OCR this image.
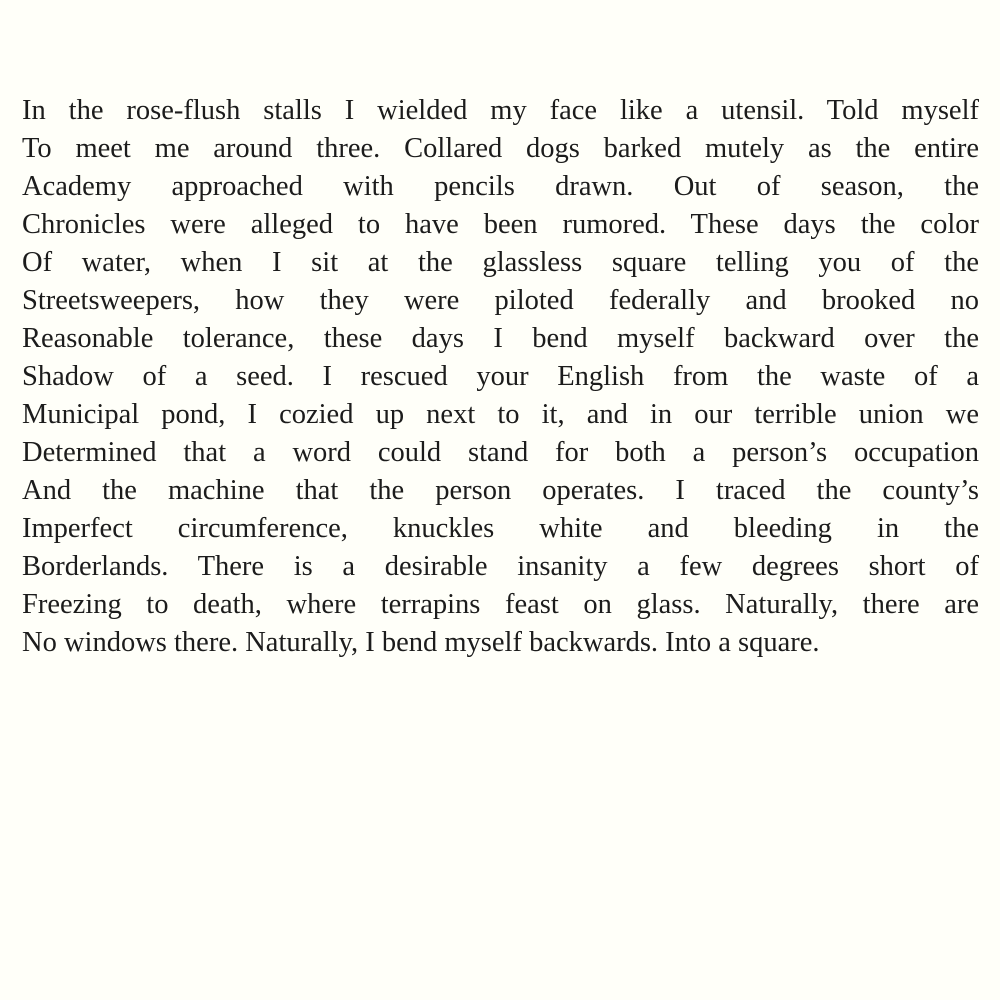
In the rose-flush stalls I wielded my face like a utensil. Told myself
To meet me around three. Collared dogs barked mutely as the entire
Academy approached with pencils drawn. Out of season, the
Chronicles were alleged to have been rumored. These days the color
Of water, when I sit at the glassless square telling you of the
Streetsweepers, how they were piloted federally and brooked no
Reasonable tolerance, these days I bend myself backward over the
Shadow of a seed. I rescued your English from the waste of a
Municipal pond, I cozied up next to it, and in our terrible union we
Determined that a word could stand for both a person’s occupation
And the machine that the person operates. I traced the county’s
Imperfect circumference, knuckles white and bleeding in the
Borderlands. There is a desirable insanity a few degrees short of
Freezing to death, where terrapins feast on glass. Naturally, there are
No windows there. Naturally, I bend myself backwards. Into a square.
